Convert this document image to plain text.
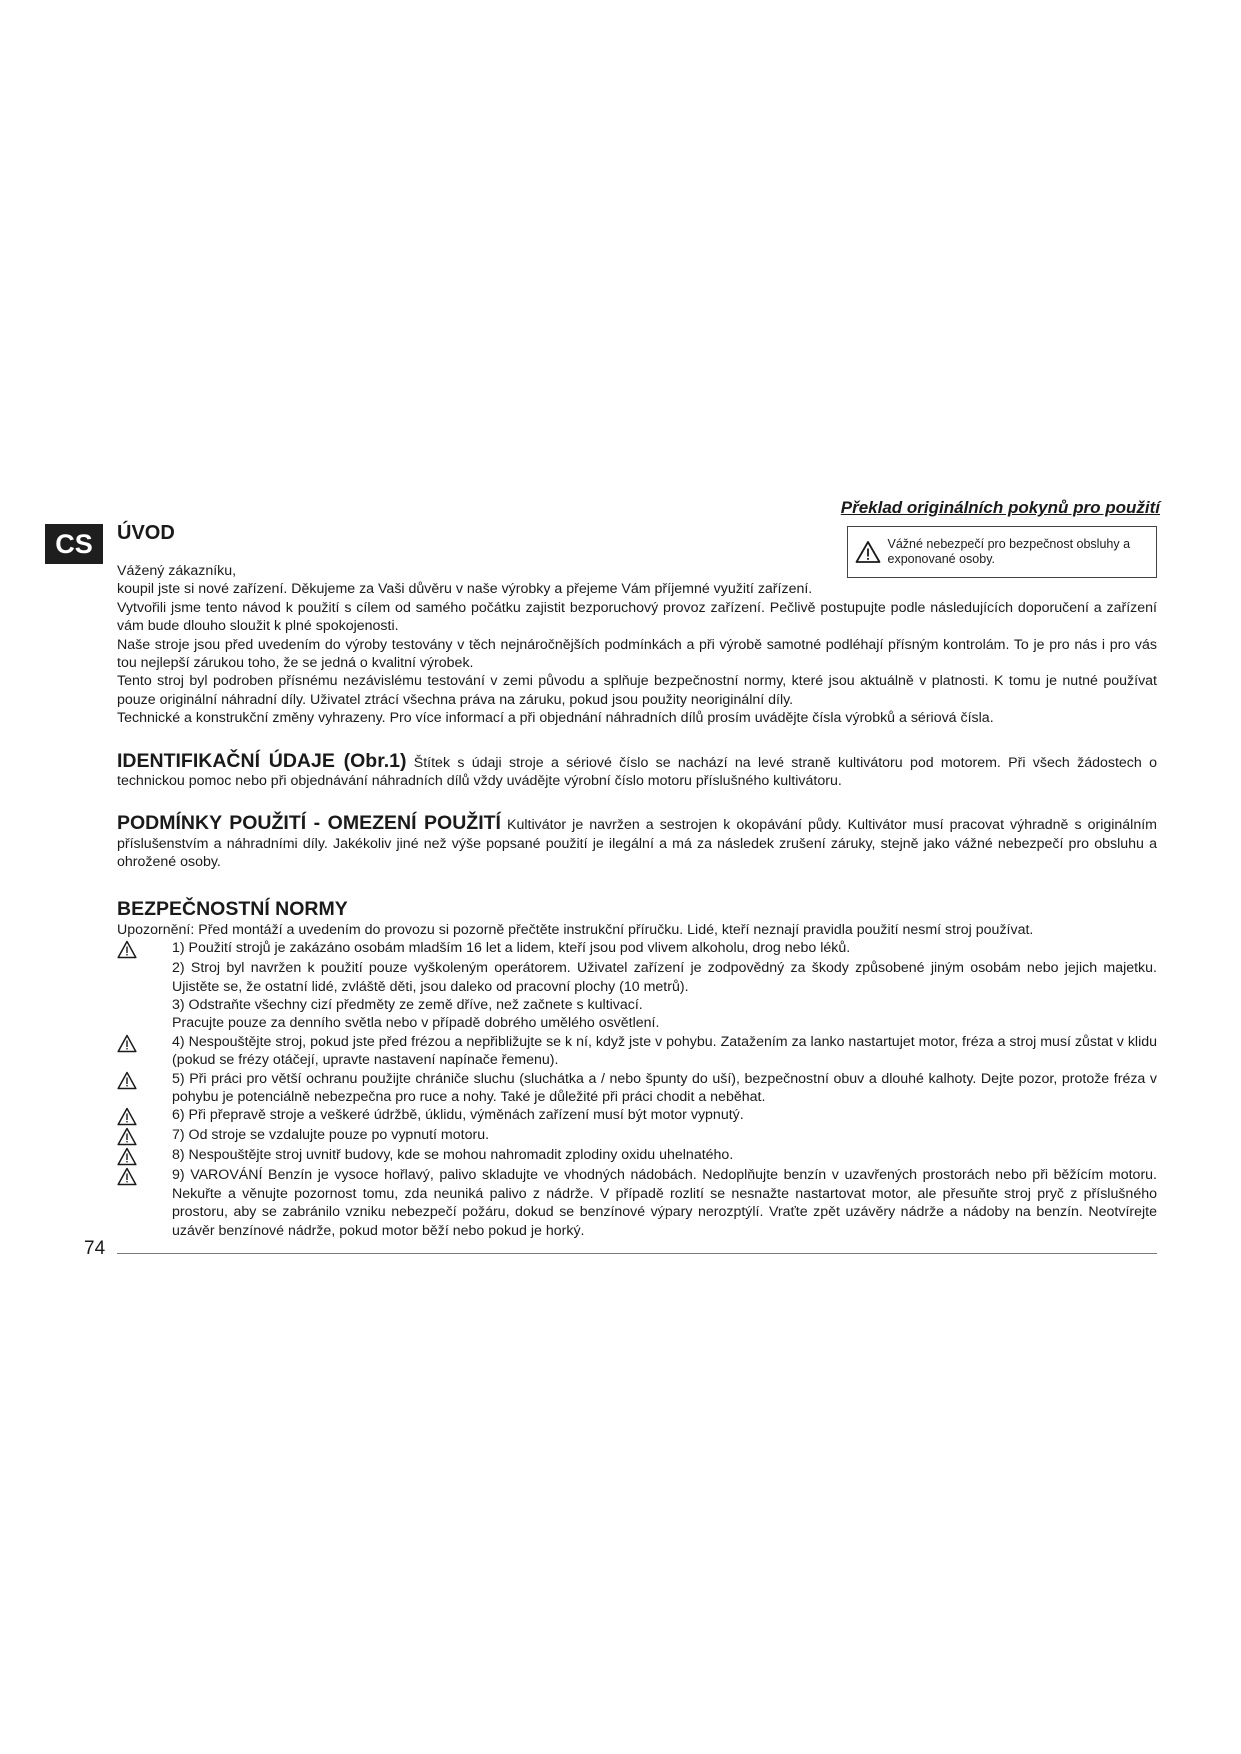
Překlad originálních pokynů pro použití
CS	ÚVOD	Vážné nebezpečí pro bezpečnost obsluhy a exponované osoby.

Vážený zákazníku,

koupil jste si nové zařízení. Děkujeme za Vaši důvěru v naše výrobky a přejeme Vám příjemné využití zařízení.

Vytvořili jsme tento návod k použití s cílem od samého počátku zajistit bezporuchový provoz zařízení. Pečlivě postupujte podle následujících doporučení a zařízení vám bude dlouho sloužit k plné spokojenosti.

Naše stroje jsou před uvedením do výroby testovány v těch nejnáročnějších podmínkách a při výrobě samotné podléhají přísným kontrolám. To je pro nás i pro vás tou nejlepší zárukou toho, že se jedná o kvalitní výrobek.

Tento stroj byl podroben přísnému nezávislému testování v zemi původu a splňuje bezpečnostní normy, které jsou aktuálně v platnosti. K tomu je nutné používat pouze originální náhradní díly. Uživatel ztrácí všechna práva na záruku, pokud jsou použity neoriginální díly.

Technické a konstrukční změny vyhrazeny. Pro více informací a při objednání náhradních dílů prosím uvádějte čísla výrobků a sériová čísla.

IDENTIFIKAČNÍ ÚDAJE (Obr.1) Štítek s údaji stroje a sériové číslo se nachází na levé straně kultivátoru pod motorem. Při všech žádostech o technickou pomoc nebo při objednávání náhradních dílů vždy uvádějte výrobní číslo motoru příslušného kultivátoru.

PODMÍNKY POUŽITÍ - OMEZENÍ POUŽITÍ Kultivátor je navržen a sestrojen k okopávání půdy. Kultivátor musí pracovat výhradně s originálním příslušenstvím a náhradními díly. Jakékoliv jiné než výše popsané použití je ilegální a má za následek zrušení záruky, stejně jako vážné nebezpečí pro obsluhu a ohrožené osoby.

BEZPEČNOSTNÍ NORMY

Upozornění: Před montáží a uvedením do provozu si pozorně přečtěte instrukční příručku. Lidé, kteří neznají pravidla použití nesmí stroj používat.

1) Použití strojů je zakázáno osobám mladším 16 let a lidem, kteří jsou pod vlivem alkoholu, drog nebo léků.
2) Stroj byl navržen k použití pouze vyškoleným operátorem. Uživatel zařízení je zodpovědný za škody způsobené jiným osobám nebo jejich majetku. Ujistěte se, že ostatní lidé, zvláště děti, jsou daleko od pracovní plochy (10 metrů).
3) Odstraňte všechny cizí předměty ze země dříve, než začnete s kultivací.
Pracujte pouze za denního světla nebo v případě dobrého umělého osvětlení.
4) Nespouštějte stroj, pokud jste před frézou a nepřibližujte se k ní, když jste v pohybu. Zatažením za lanko nastartujet motor, fréza a stroj musí zůstat v klidu (pokud se frézy otáčejí, upravte nastavení napínače řemenu).
5) Při práci pro větší ochranu použijte chrániče sluchu (sluchátka a / nebo špunty do uší), bezpečnostní obuv a dlouhé kalhoty. Dejte pozor, protože fréza v pohybu je potenciálně nebezpečna pro ruce a nohy. Také je důležité při práci chodit a neběhat.
6) Při přepravě stroje a veškeré údržbě, úklidu, výměnách zařízení musí být motor vypnutý.
7) Od stroje se vzdalujte pouze po vypnutí motoru.
8) Nespouštějte stroj uvnitř budovy, kde se mohou nahromadit zplodiny oxidu uhelnatého.
9) VAROVÁNÍ Benzín je vysoce hořlavý, palivo skladujte ve vhodných nádobách. Nedoplňujte benzín v uzavřených prostorách nebo při běžícím motoru. Nekuřte a věnujte pozornost tomu, zda neuniká palivo z nádrže. V případě rozlití se nesnažte nastartovat motor, ale přesuňte stroj pryč z příslušného prostoru, aby se zabránilo vzniku nebezpečí požáru, dokud se benzínové výpary nerozptýlí. Vraťte zpět uzávěry nádrže a nádoby na benzín. Neotvírejte uzávěr benzínové nádrže, pokud motor běží nebo pokud je horký.
74
